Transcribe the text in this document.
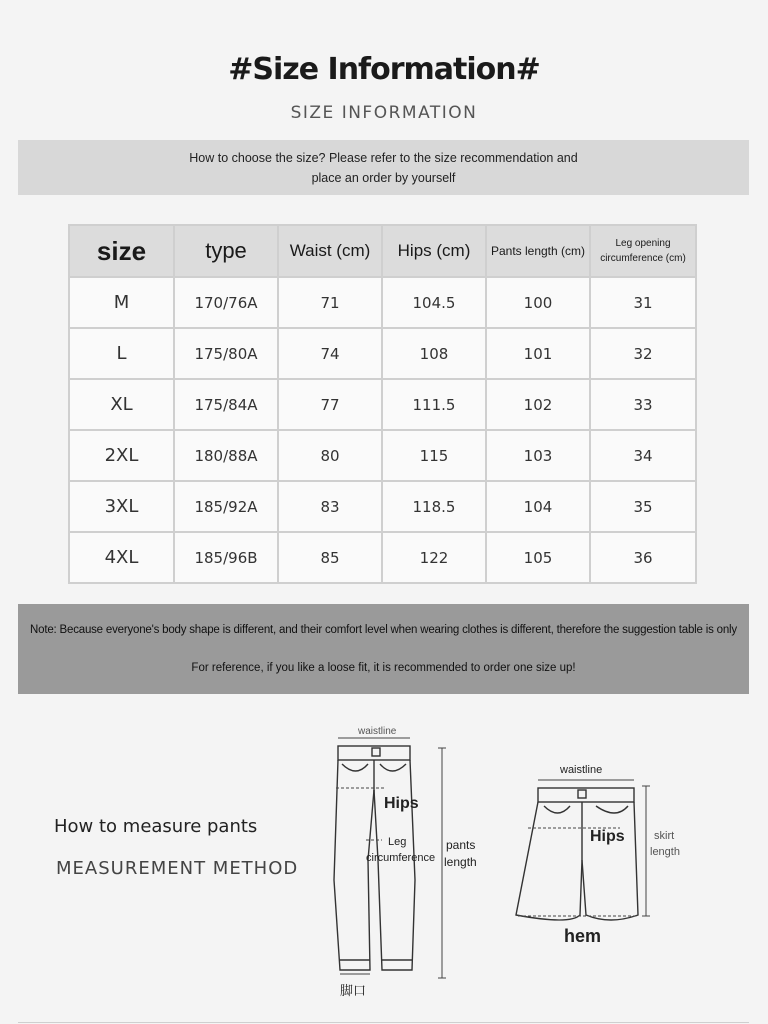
#Size Information#
SIZE INFORMATION
How to choose the size? Please refer to the size recommendation and place an order by yourself
size	type	Waist (cm)	Hips (cm)	Pants length (cm)	Leg opening circumference (cm)
M	170/76A	71	104.5	100	31
L	175/80A	74	108	101	32
XL	175/84A	77	111.5	102	33
2XL	180/88A	80	115	103	34
3XL	185/92A	83	118.5	104	35
4XL	185/96B	85	122	105	36
Note: Because everyone's body shape is different, and their comfort level when wearing clothes is different, therefore the suggestion table is only
For reference, if you like a loose fit, it is recommended to order one size up!
How to measure pants
MEASUREMENT METHOD
waistline
Hips
Leg
circumference
pants
length
脚口
waistline
Hips	skirt
length
hem
